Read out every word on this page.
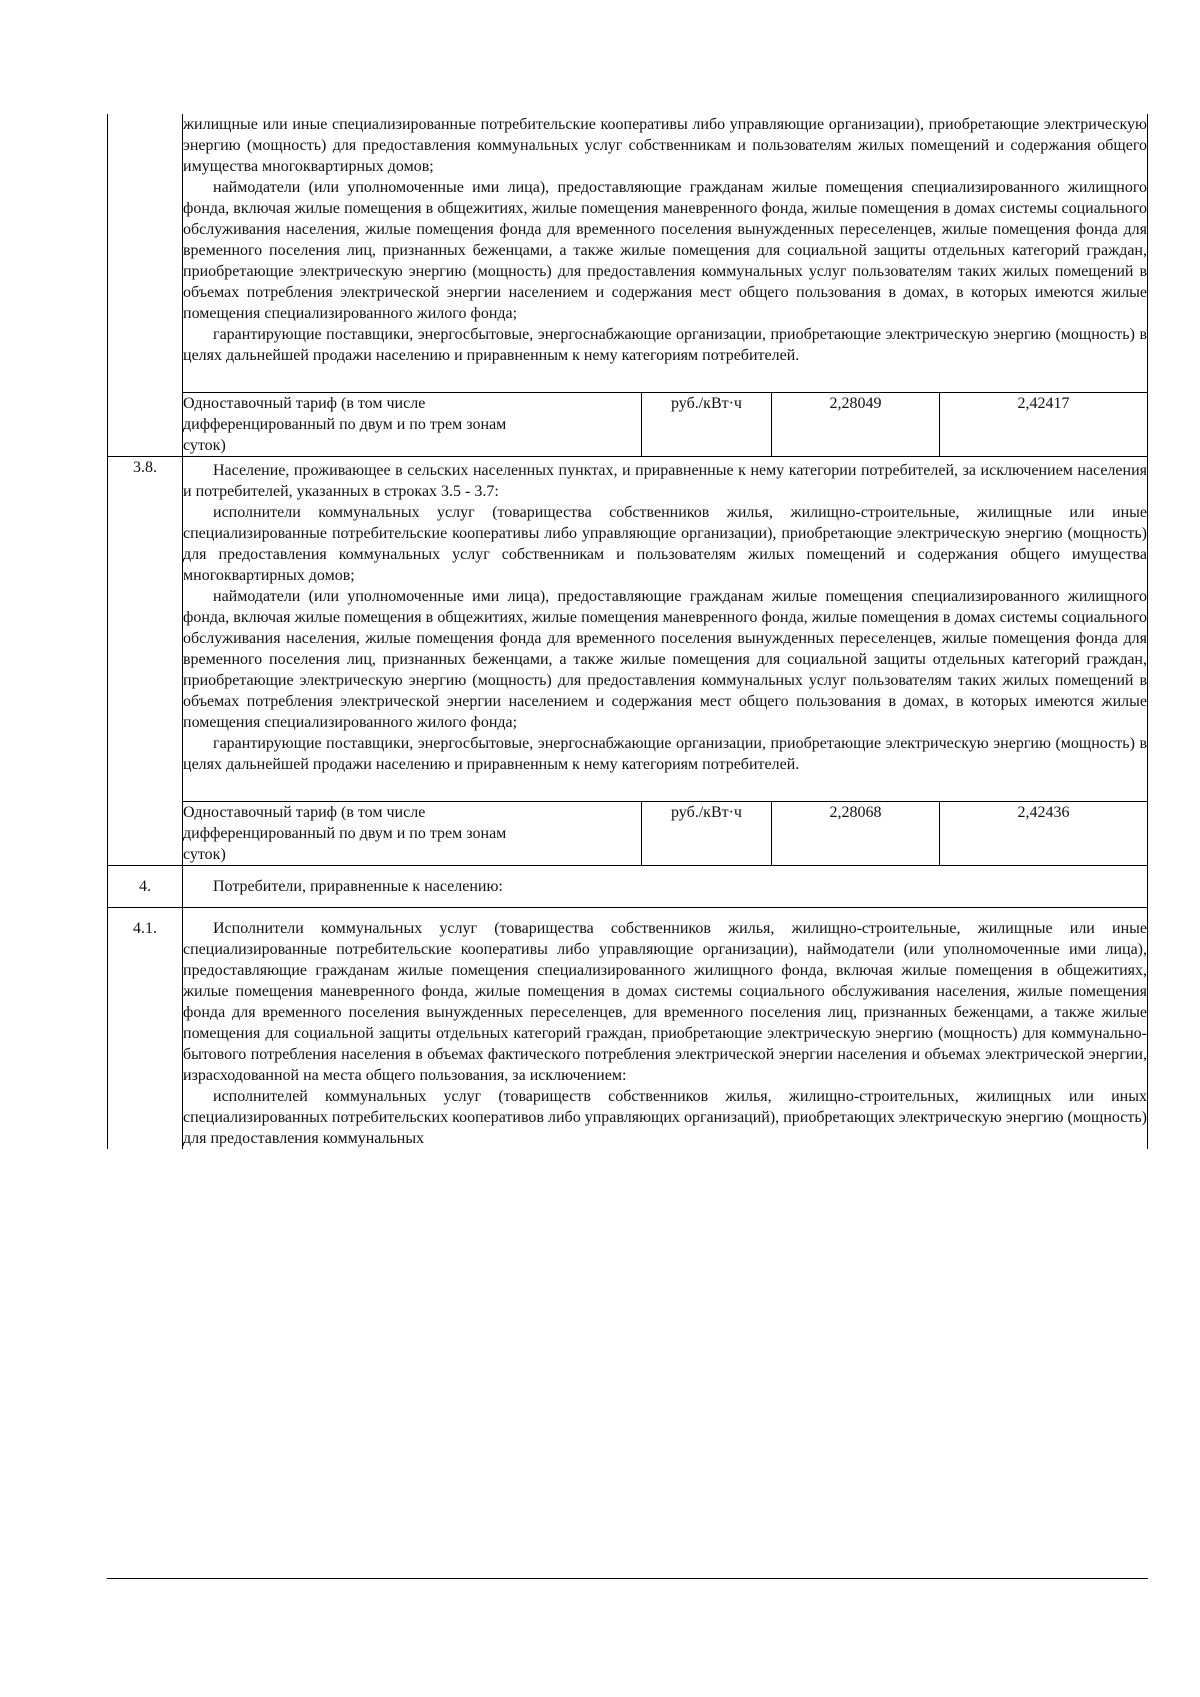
	жилищные или иные специализированные потребительские кооперативы либо управляющие организации), приобретающие электрическую энергию (мощность) для предоставления коммунальных услуг собственникам и пользователям жилых помещений и содержания общего имущества многоквартирных домов;

наймодатели (или уполномоченные ими лица), предоставляющие гражданам жилые помещения специализированного жилищного фонда, включая жилые помещения в общежитиях, жилые помещения маневренного фонда, жилые помещения в домах системы социального обслуживания населения, жилые помещения фонда для временного поселения вынужденных переселенцев, жилые помещения фонда для временного поселения лиц, признанных беженцами, а также жилые помещения для социальной защиты отдельных категорий граждан, приобретающие электрическую энергию (мощность) для предоставления коммунальных услуг пользователям таких жилых помещений в объемах потребления электрической энергии населением и содержания мест общего пользования в домах, в которых имеются жилые помещения специализированного жилого фонда;

гарантирующие поставщики, энергосбытовые, энергоснабжающие организации, приобретающие электрическую энергию (мощность) в целях дальнейшей продажи населению и приравненным к нему категориям потребителей.			

	Одноставочный тариф (в том числе

дифференцированный по двум и по трем зонам

суток)	руб./кВт·ч	2,28049	2,42417
3.8.	Население, проживающее в сельских населенных пунктах, и приравненные к нему категории потребителей, за исключением населения и потребителей, указанных в строках 3.5 - 3.7:

исполнители коммунальных услуг (товарищества собственников жилья, жилищно-строительные, жилищные или иные специализированные потребительские кооперативы либо управляющие организации), приобретающие электрическую энергию (мощность) для предоставления коммунальных услуг собственникам и пользователям жилых помещений и содержания общего имущества многоквартирных домов;

наймодатели (или уполномоченные ими лица), предоставляющие гражданам жилые помещения специализированного жилищного фонда, включая жилые помещения в общежитиях, жилые помещения маневренного фонда, жилые помещения в домах системы социального обслуживания населения, жилые помещения фонда для временного поселения вынужденных переселенцев, жилые помещения фонда для временного поселения лиц, признанных беженцами, а также жилые помещения для социальной защиты отдельных категорий граждан, приобретающие электрическую энергию (мощность) для предоставления коммунальных услуг пользователям таких жилых помещений в объемах потребления электрической энергии населением и содержания мест общего пользования в домах, в которых имеются жилые помещения специализированного жилого фонда;

гарантирующие поставщики, энергосбытовые, энергоснабжающие организации, приобретающие электрическую энергию (мощность) в целях дальнейшей продажи населению и приравненным к нему категориям потребителей.			

	Одноставочный тариф (в том числе

дифференцированный по двум и по трем зонам

суток)	руб./кВт·ч	2,28068	2,42436
4.	Потребители, приравненные к населению:			

4.1.	Исполнители коммунальных услуг (товарищества собственников жилья, жилищно-строительные, жилищные или иные специализированные потребительские кооперативы либо управляющие организации), наймодатели (или уполномоченные ими лица), предоставляющие гражданам жилые помещения специализированного жилищного фонда, включая жилые помещения в общежитиях, жилые помещения маневренного фонда, жилые помещения в домах системы социального обслуживания населения, жилые помещения фонда для временного поселения вынужденных переселенцев, для временного поселения лиц, признанных беженцами, а также жилые помещения для социальной защиты отдельных категорий граждан, приобретающие электрическую энергию (мощность) для коммунально-бытового потребления населения в объемах фактического потребления электрической энергии населения и объемах электрической энергии, израсходованной на места общего пользования, за исключением:

исполнителей коммунальных услуг (товариществ собственников жилья, жилищно-строительных, жилищных или иных специализированных потребительских кооперативов либо управляющих организаций), приобретающих электрическую энергию (мощность) для предоставления коммунальных			
